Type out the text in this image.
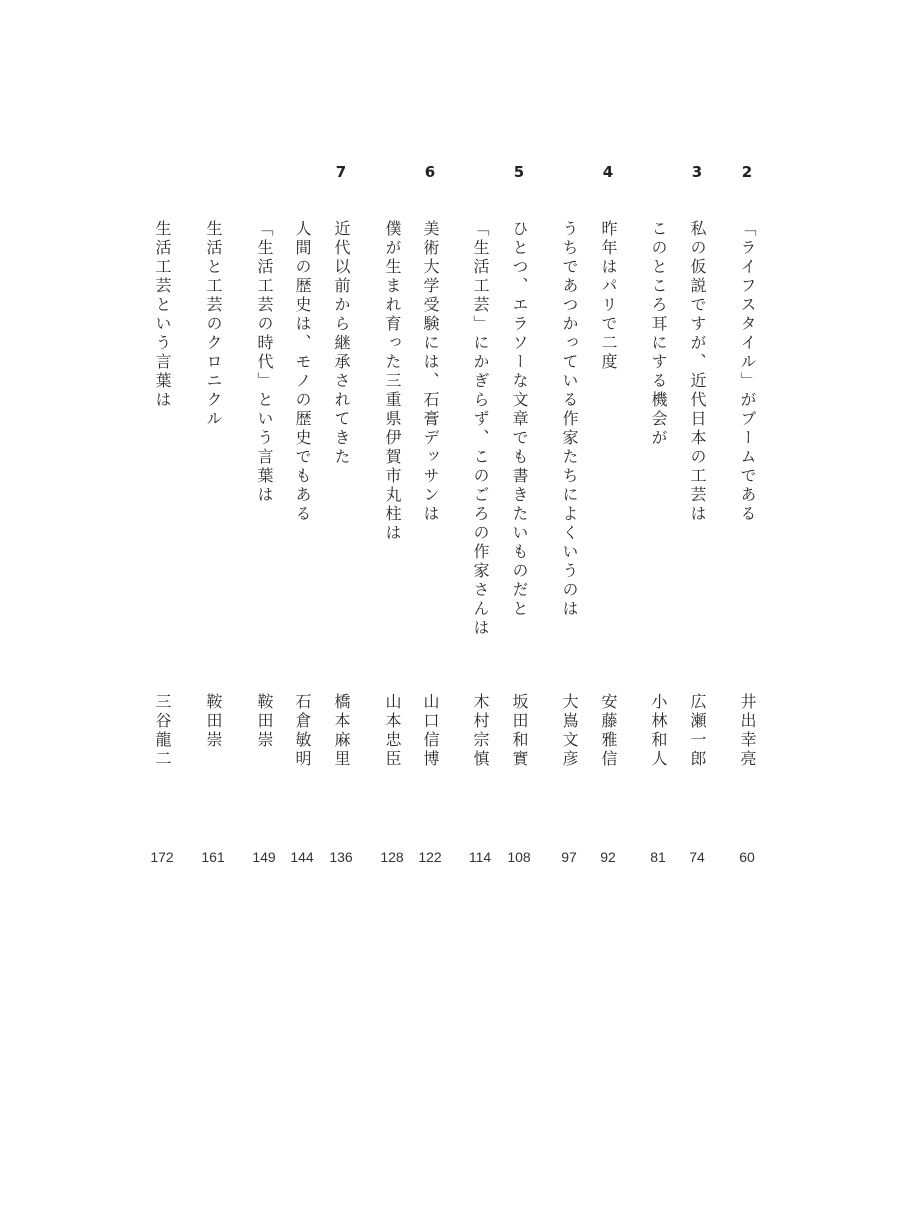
2
「ライフスタイル」がブームである
井出幸亮
60
3
私の仮説ですが、近代日本の工芸は
広瀬一郎
74
このところ耳にする機会が
小林和人
81
4
昨年はパリで二度
安藤雅信
92
うちであつかっている作家たちによくいうのは
大嶌文彦
97
5
ひとつ、エラソーな文章でも書きたいものだと
坂田和實
108
「生活工芸」にかぎらず、このごろの作家さんは
木村宗慎
114
6
美術大学受験には、石膏デッサンは
山口信博
122
僕が生まれ育った三重県伊賀市丸柱は
山本忠臣
128
7
近代以前から継承されてきた
橋本麻里
136
人間の歴史は、モノの歴史でもある
石倉敏明
144
「生活工芸の時代」という言葉は
鞍田崇
149
生活と工芸のクロニクル
鞍田崇
161
生活工芸という言葉は
三谷龍二
172
